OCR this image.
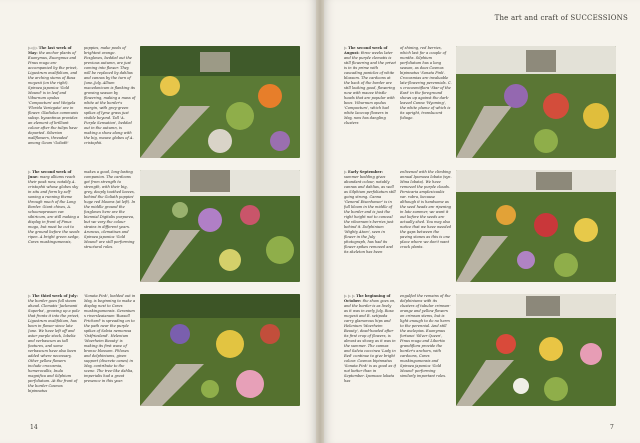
The art and craft of SUCCESSIONS
▷◁ ▷ The last week of May: the anchor plants of Euonymus, Euonymus and Pinus mugo are accompanied by the privet, Ligustrum ovalifolium, and the arching stems of Rosa moyesii (on the right). Spiraea japonica 'Gold Mound' is in leaf and Viburnum opulus 'Compactum' and Weigela 'Florida Variegata' are in flower. Gladiolus communis subsp. byzantinus provides an element of brilliant colour after the tulips have departed. Siberian wallflowers, threaded among Geum 'Goliath'
poppies, make pools of brightest orange. Foxgloves, bedded out the previous autumn, are just coming into flower. They will be replaced by dahlias and cannas by the turn of June–July. Allium macedonicum is flanking its growing season by flowering, making a mass of white at the border's margin, with grey-green spikes of lyme grass just visible beyond. Tall 'A. Purple Sensation', bedded out in the autumn, is making a show along with the big, mauve globes of A. cristophii.
▷ The second week of June: many alliums reach their peak now, notably A. cristophii whose globes sky in situ and form by self-sowing a running theme through much of the Long Border. Giant chives, A. schoenoprasum var. sibiricum, are still making a display in front of Pinus mugo, but must be cut to the ground before the seeds ripen. A bright green sedge, Carex muskingumensis,
makes a good, long-lasting companion. The cardoons get from strength to strength, with their big, grey, deeply toothed leaves, behind the Goliath poppies' huge red blooms (at left). In the middle ground the foxgloves here are the biennial Digitalis purpurea, but we vary the colour strains in different years. Aruncus, clematises and Spiraea japonica 'Gold Mound' are still performing structural roles.
▷ The third week of July: the border goes full steam ahead. Clematis 'Jackmanii Superba', growing up a pole that fronts it into the privet, Ligustrum ovalifolium, has been in flower since late June. We have left off and aster purple stock, lobelia and verbascum as tall features, and some verbascum have also been added where necessary. Other yellow flowers include crocosmia, hemerocallis, Inula magnifica and Silphium perfoliatum. At the front of the border Cosmos bipinnatus
'Sonata Pink', bedded out in May, is beginning to make a display next to Carex muskingumensis. Geranium x riversleaianum 'Russell Prichard' is spreading on to the path near the purple spikes of Salvia nemorosa 'Ostfriesland'. Helenium 'Moerheim Beauty' is making its first wave of bronze blossom. Phloxes and delphiniums, given support (discrete canes) in May, contribute to the scene. The tree-like dahlia, imperialis had a great presence in this year.
▷ The second week of August: three weeks later and the purple clematis is still flowering and the privet is in its prime with cascading panicles of white blossom. The cardoons at the back of the border are still looking good, flowering now with mauve thistle heads that are popular with bees. Viburnum opulus 'Compactum', which had white lacecap flowers in May, now has dangling clusters
of shining, red berries, which last for a couple of months. Silphium perfoliatum has a long season, as does Cosmos bipinnatus 'Sonata Pink'. Crocosmias are invaluable late-flowering perennials. C. x crocosmiiflora 'Star of the East' in the foreground shows up against the dark-leaved Canna 'Wyoming', the white plume of which is its upright, translucent foliage.
▷ Early September: summer bedding gives abundant colour, notably cannas and dahlias, as well as Silphium perfoliatum still going strong. Canna 'General Eisenhower' is in full bloom in the middle of the border and is just the right height not to conceal the viburnum's berries just behind it. Delphinium 'Mighty Atom', seen in flower in the July photograph, has had its flower spikes removed and its skeleton has been
enlivened with the climbing annual Ipomoea lobata (syn. Mina lobata). We have removed the purple clouds. Persicaria amplexicaulis var. rubra, because although it is handsome as the seed heads are ripening in late summer, we want it out before the seeds are actually shed. You may also notice that we have weeded the gaps between the paving stones as this is one place where we don't want crack plants.
▷ ▷ ▷ The beginning of October: the show goes on, and the border is as lively as it was in early July. Rosa moyesii and R. setipoda carry glamorous hips and Helenium 'Moerheim Beauty', dead-headed after its first crop of flowers, is almost as showy as it was in the summer. The cannas and Salvia coccinea 'Lady in Red' continue to give bright colour. Cosmos bipinnatus 'Sonata Pink' is as good as if not better than in September. Ipomoea lobata has
engulfed the remains of the delphiniums with its clusters of tubular crimson-orange and yellow flowers on crimson stems, but is light enough to do no harm to the perennial. And still the asclepias. Euonymus fortunei 'Silver Queen', Pinus mugo and Libertia grandiflora provide the border's anchors, with cardoons, Carex muskingumensis and Spiraea japonica 'Gold Mound' performing similarly important roles.
14	7
